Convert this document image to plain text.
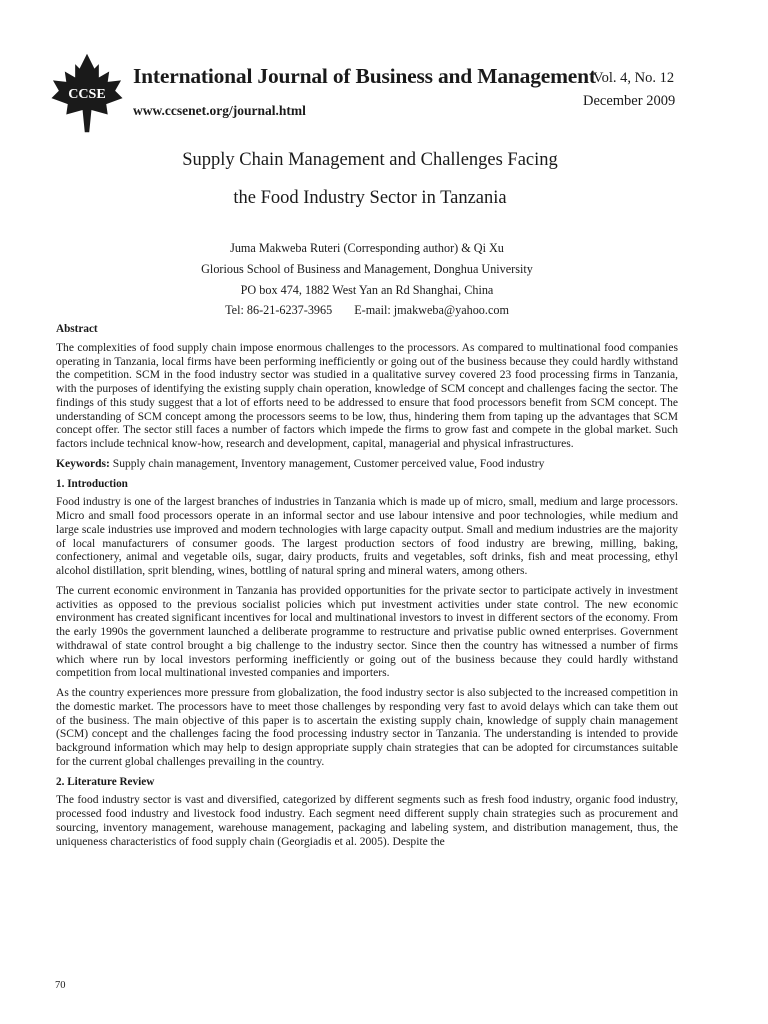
CCSE
International Journal of Business and Management
www.ccsenet.org/journal.html
Vol. 4, No. 12
December 2009
Supply Chain Management and Challenges Facing
the Food Industry Sector in Tanzania
Juma Makweba Ruteri (Corresponding author) & Qi Xu
Glorious School of Business and Management, Donghua University
PO box 474, 1882 West Yan an Rd Shanghai, China
Tel: 86-21-6237-3965 E-mail: jmakweba@yahoo.com
Abstract

The complexities of food supply chain impose enormous challenges to the processors. As compared to multinational food companies operating in Tanzania, local firms have been performing inefficiently or going out of the business because they could hardly withstand the competition. SCM in the food industry sector was studied in a qualitative survey covered 23 food processing firms in Tanzania, with the purposes of identifying the existing supply chain operation, knowledge of SCM concept and challenges facing the sector. The findings of this study suggest that a lot of efforts need to be addressed to ensure that food processors benefit from SCM concept. The understanding of SCM concept among the processors seems to be low, thus, hindering them from taping up the advantages that SCM concept offer. The sector still faces a number of factors which impede the firms to grow fast and compete in the global market. Such factors include technical know-how, research and development, capital, managerial and physical infrastructures.

Keywords: Supply chain management, Inventory management, Customer perceived value, Food industry

1. Introduction

Food industry is one of the largest branches of industries in Tanzania which is made up of micro, small, medium and large processors. Micro and small food processors operate in an informal sector and use labour intensive and poor technologies, while medium and large scale industries use improved and modern technologies with large capacity output. Small and medium industries are the majority of local manufacturers of consumer goods. The largest production sectors of food industry are brewing, milling, baking, confectionery, animal and vegetable oils, sugar, dairy products, fruits and vegetables, soft drinks, fish and meat processing, ethyl alcohol distillation, sprit blending, wines, bottling of natural spring and mineral waters, among others.

The current economic environment in Tanzania has provided opportunities for the private sector to participate actively in investment activities as opposed to the previous socialist policies which put investment activities under state control. The new economic environment has created significant incentives for local and multinational investors to invest in different sectors of the economy. From the early 1990s the government launched a deliberate programme to restructure and privatise public owned enterprises. Government withdrawal of state control brought a big challenge to the industry sector. Since then the country has witnessed a number of firms which where run by local investors performing inefficiently or going out of the business because they could hardly withstand competition from local multinational invested companies and importers.

As the country experiences more pressure from globalization, the food industry sector is also subjected to the increased competition in the domestic market. The processors have to meet those challenges by responding very fast to avoid delays which can take them out of the business. The main objective of this paper is to ascertain the existing supply chain, knowledge of supply chain management (SCM) concept and the challenges facing the food processing industry sector in Tanzania. The understanding is intended to provide background information which may help to design appropriate supply chain strategies that can be adopted for circumstances suitable for the current global challenges prevailing in the country.

2. Literature Review

The food industry sector is vast and diversified, categorized by different segments such as fresh food industry, organic food industry, processed food industry and livestock food industry. Each segment need different supply chain strategies such as procurement and sourcing, inventory management, warehouse management, packaging and labeling system, and distribution management, thus, the uniqueness characteristics of food supply chain (Georgiadis et al. 2005). Despite the

70
